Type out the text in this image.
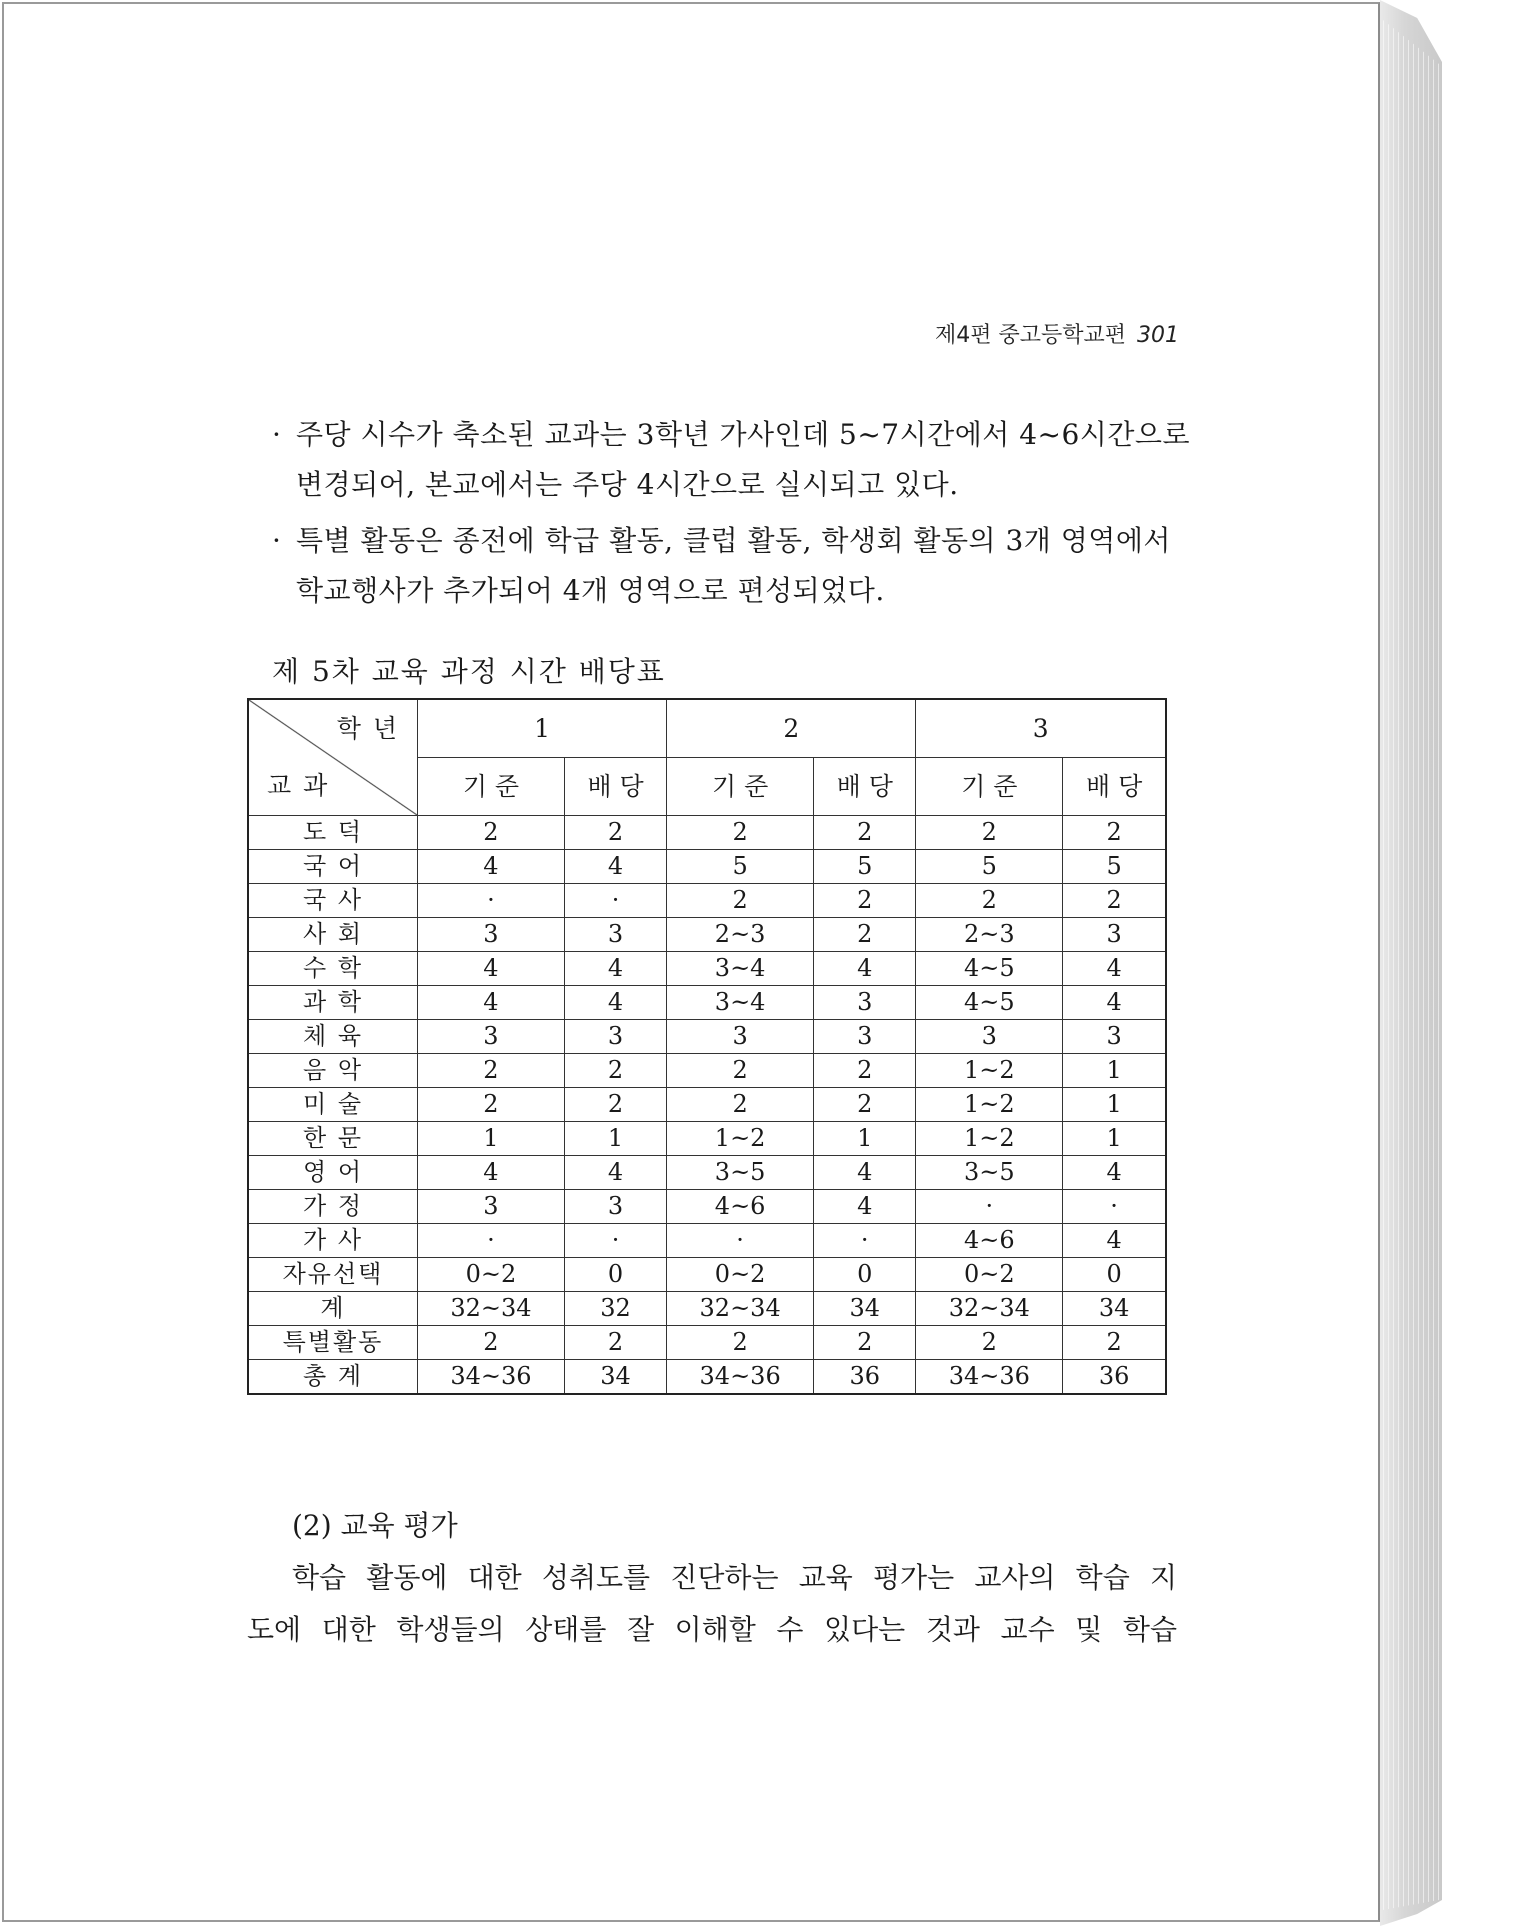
제4편 중고등학교편 301
· 주당 시수가 축소된 교과는 3학년 가사인데 5~7시간에서 4~6시간으로 변경되어, 본교에서는 주당 4시간으로 실시되고 있다.
· 특별 활동은 종전에 학급 활동, 클럽 활동, 학생회 활동의 3개 영역에서 학교행사가 추가되어 4개 영역으로 편성되었다.
제 5차 교육 과정 시간 배당표
학 년
교 과	1		2		3	
	기 준	배 당	기 준	배 당	기 준	배 당
도 덕	2	2	2	2	2	2
국 어	4	4	5	5	5	5
국 사	·	·	2	2	2	2
사 회	3	3	2~3	2	2~3	3
수 학	4	4	3~4	4	4~5	4
과 학	4	4	3~4	3	4~5	4
체 육	3	3	3	3	3	3
음 악	2	2	2	2	1~2	1
미 술	2	2	2	2	1~2	1
한 문	1	1	1~2	1	1~2	1
영 어	4	4	3~5	4	3~5	4
가 정	3	3	4~6	4	·	·
가 사	·	·	·	·	4~6	4
자유선택	0~2	0	0~2	0	0~2	0
계	32~34	32	32~34	34	32~34	34
특별활동	2	2	2	2	2	2
총 계	34~36	34	34~36	36	34~36	36
(2) 교육 평가
학습 활동에 대한 성취도를 진단하는 교육 평가는 교사의 학습 지
도에 대한 학생들의 상태를 잘 이해할 수 있다는 것과 교수 및 학습
